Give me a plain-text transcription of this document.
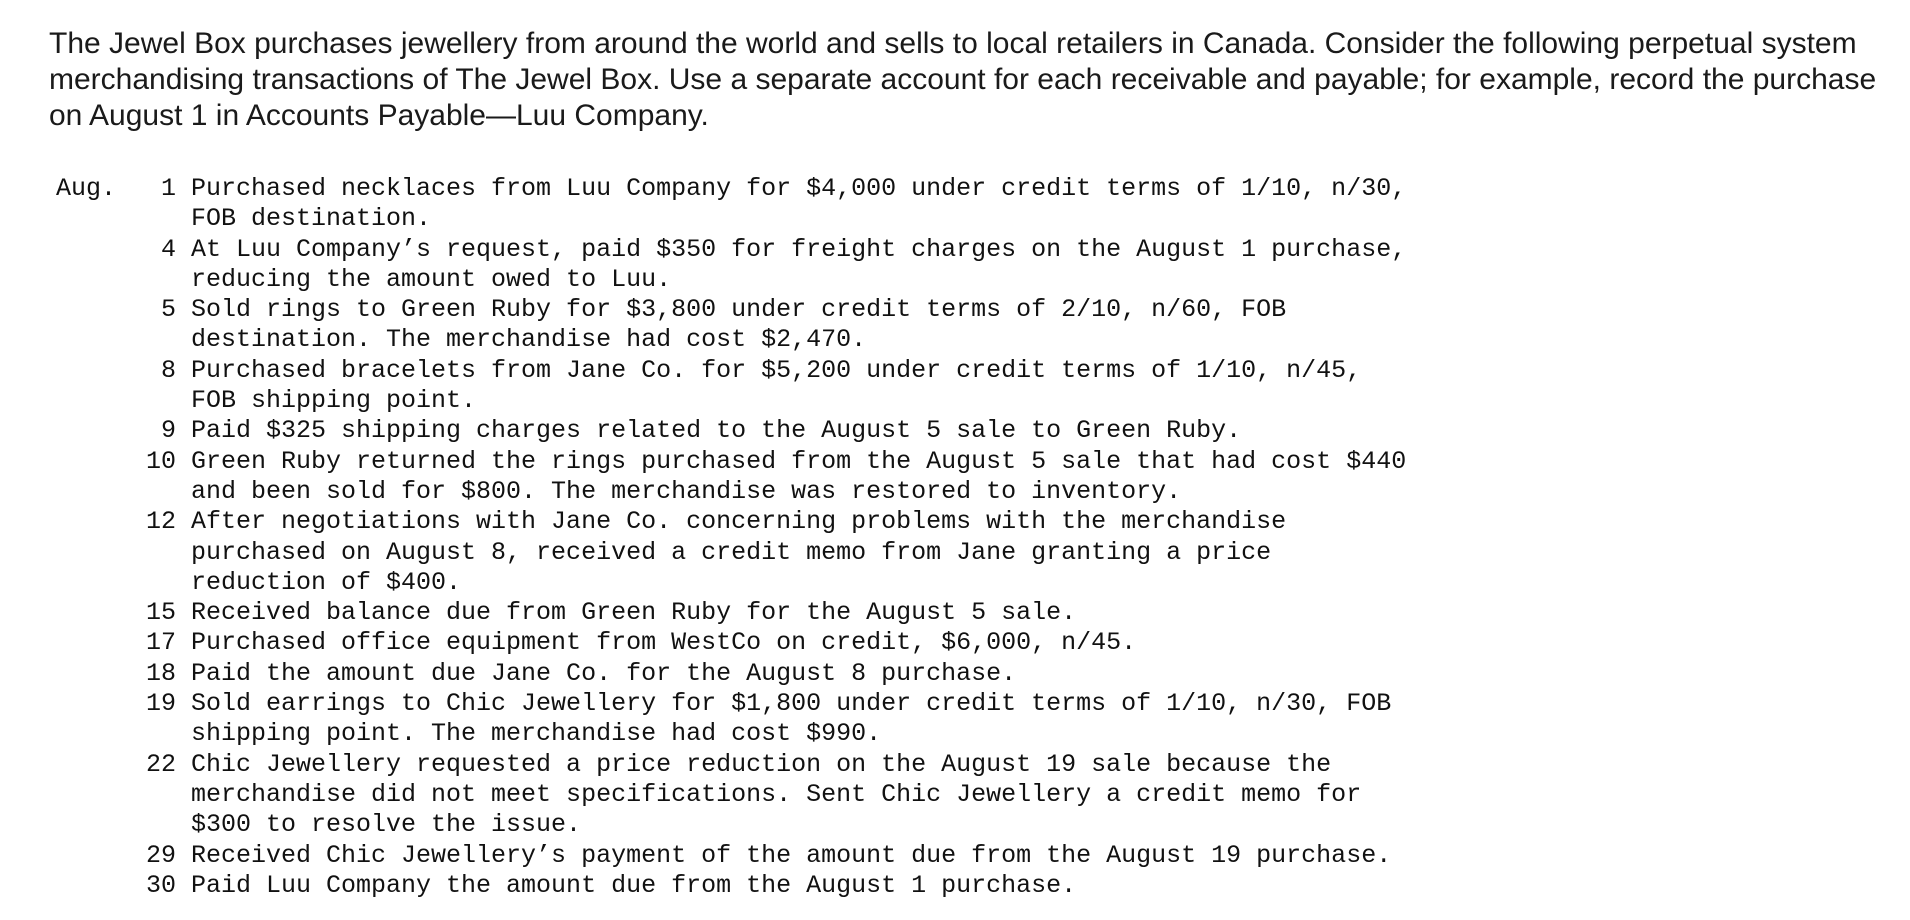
The Jewel Box purchases jewellery from around the world and sells to local retailers in Canada. Consider the following perpetual system merchandising transactions of The Jewel Box. Use a separate account for each receivable and payable; for example, record the purchase on August 1 in Accounts Payable—Luu Company.

Aug.	1	Purchased necklaces from Luu Company for $4,000 under credit terms of 1/10, n/30,
FOB destination.

	4	At Luu Company’s request, paid $350 for freight charges on the August 1 purchase,
reducing the amount owed to Luu.

	5	Sold rings to Green Ruby for $3,800 under credit terms of 2/10, n/60, FOB
destination. The merchandise had cost $2,470.

	8	Purchased bracelets from Jane Co. for $5,200 under credit terms of 1/10, n/45,
FOB shipping point.

	9	Paid $325 shipping charges related to the August 5 sale to Green Ruby.

	10	Green Ruby returned the rings purchased from the August 5 sale that had cost $440
and been sold for $800. The merchandise was restored to inventory.

	12	After negotiations with Jane Co. concerning problems with the merchandise
purchased on August 8, received a credit memo from Jane granting a price
reduction of $400.

	15	Received balance due from Green Ruby for the August 5 sale.

	17	Purchased office equipment from WestCo on credit, $6,000, n/45.

	18	Paid the amount due Jane Co. for the August 8 purchase.

	19	Sold earrings to Chic Jewellery for $1,800 under credit terms of 1/10, n/30, FOB
shipping point. The merchandise had cost $990.

	22	Chic Jewellery requested a price reduction on the August 19 sale because the
merchandise did not meet specifications. Sent Chic Jewellery a credit memo for
$300 to resolve the issue.

	29	Received Chic Jewellery’s payment of the amount due from the August 19 purchase.

	30	Paid Luu Company the amount due from the August 1 purchase.
